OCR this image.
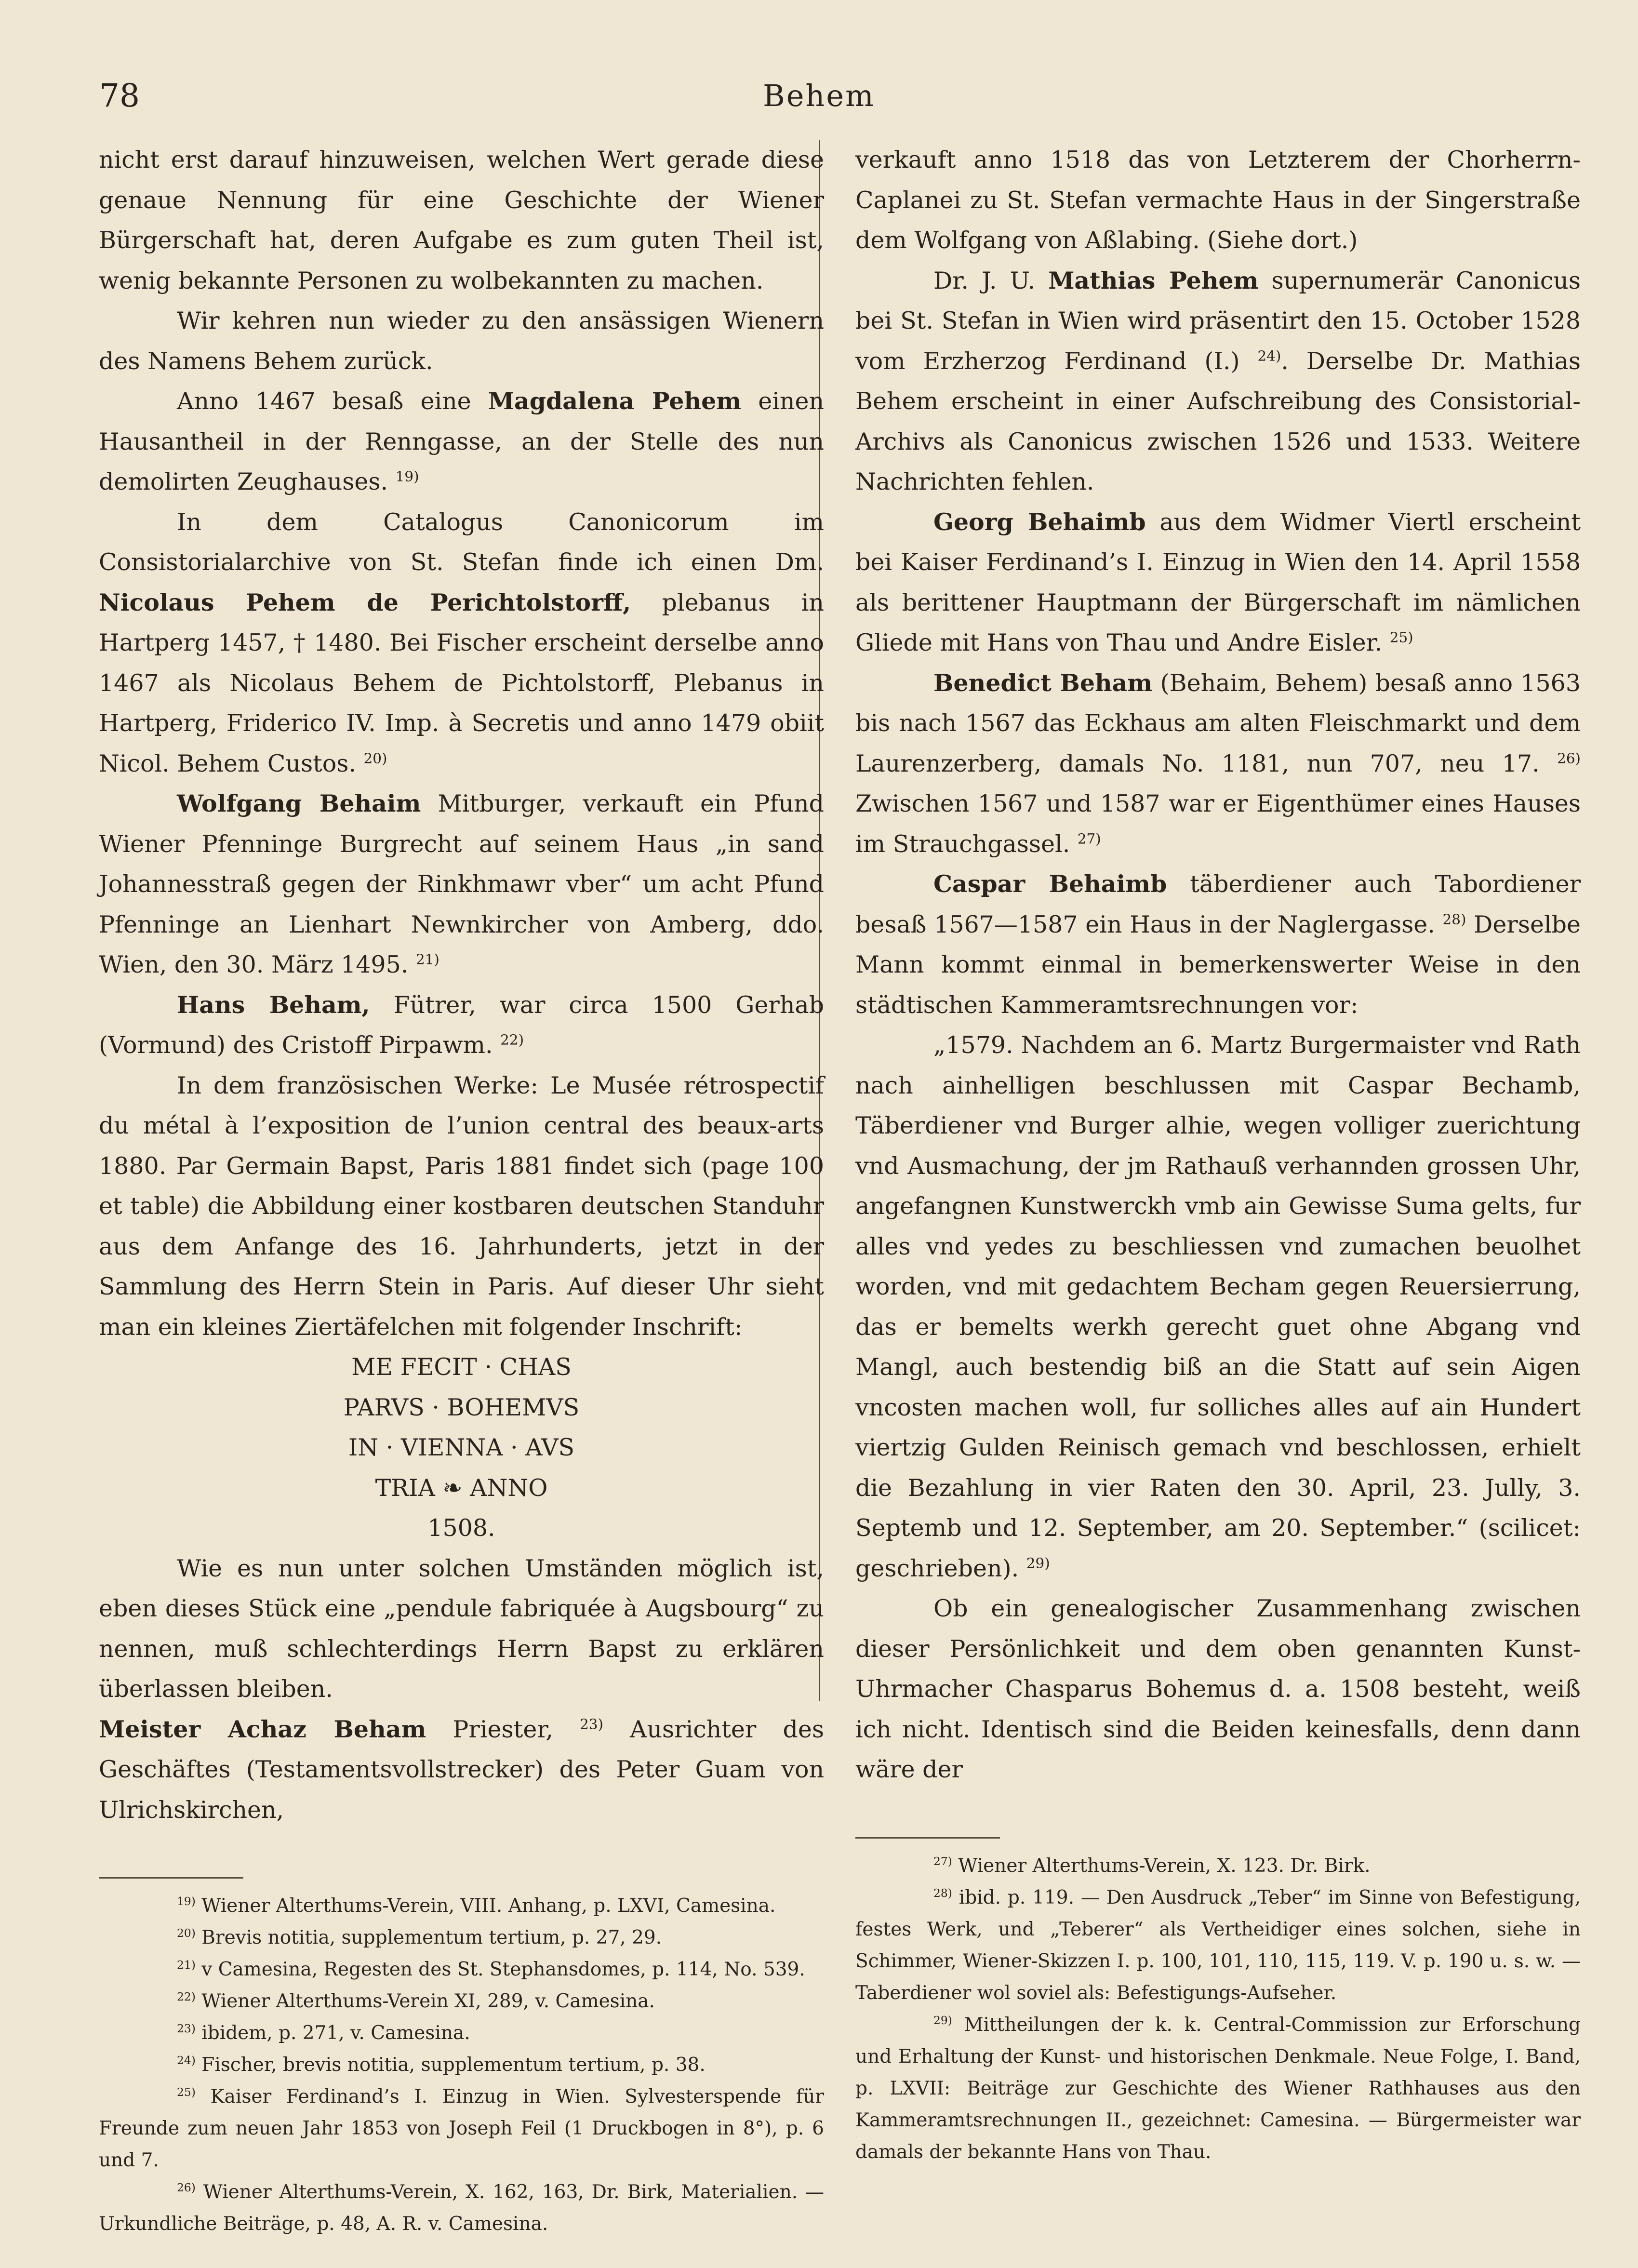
78	Behem

nicht erst darauf hinzuweisen, welchen Wert gerade diese genaue Nennung für eine Geschichte der Wiener Bürgerschaft hat, deren Aufgabe es zum guten Theil ist, wenig bekannte Personen zu wolbekannten zu machen.

Wir kehren nun wieder zu den ansässigen Wienern des Namens Behem zurück.

Anno 1467 besaß eine Magdalena Pehem einen Hausantheil in der Renngasse, an der Stelle des nun demolirten Zeughauses. $^{19)}$

In dem Catalogus Canonicorum im Consistorialarchive von St. Stefan finde ich einen Dm. Nicolaus Pehem de Perichtolstorff, plebanus in Hartperg 1457, † 1480. Bei Fischer erscheint derselbe anno 1467 als Nicolaus Behem de Pichtolstorff, Plebanus in Hartperg, Friderico IV. Imp. à Secretis und anno 1479 obiit Nicol. Behem Custos. $^{20)}$

Wolfgang Behaim Mitburger, verkauft ein Pfund Wiener Pfenninge Burgrecht auf seinem Haus „in sand Johannesstraß gegen der Rinkhmawr vber“ um acht Pfund Pfenninge an Lienhart Newnkircher von Amberg, ddo. Wien, den 30. März 1495. $^{21)}$

Hans Beham, Fütrer, war circa 1500 Gerhab (Vormund) des Cristoff Pirpawm. $^{22)}$

In dem französischen Werke: Le Musée rétrospectif du métal à l’exposition de l’union central des beaux-arts 1880. Par Germain Bapst, Paris 1881 findet sich (page 100 et table) die Abbildung einer kostbaren deutschen Standuhr aus dem Anfange des 16. Jahrhunderts, jetzt in der Sammlung des Herrn Stein in Paris. Auf dieser Uhr sieht man ein kleines Ziertäfelchen mit folgender Inschrift:

ME FECIT · CHAS

PARVS · BOHEMVS

IN · VIENNA · AVS

TRIA ❧ ANNO

1508.

Wie es nun unter solchen Umständen möglich ist, eben dieses Stück eine „pendule fabriquée à Augsbourg“ zu nennen, muß schlechterdings Herrn Bapst zu erklären überlassen bleiben.

Meister Achaz Beham Priester, $^{23)}$ Ausrichter des Geschäftes (Testamentsvollstrecker) des Peter Guam von Ulrichskirchen,

$^{19)}$ Wiener Alterthums-Verein, VIII. Anhang, p. LXVI, Camesina.

$^{20)}$ Brevis notitia, supplementum tertium, p. 27, 29.

$^{21)}$ v Camesina, Regesten des St. Stephansdomes, p. 114, No. 539.

$^{22)}$ Wiener Alterthums-Verein XI, 289, v. Camesina.

$^{23)}$ ibidem, p. 271, v. Camesina.

$^{24)}$ Fischer, brevis notitia, supplementum tertium, p. 38.

$^{25)}$ Kaiser Ferdinand’s I. Einzug in Wien. Sylvesterspende für Freunde zum neuen Jahr 1853 von Joseph Feil (1 Druckbogen in 8°), p. 6 und 7.

$^{26)}$ Wiener Alterthums-Verein, X. 162, 163, Dr. Birk, Materialien. — Urkundliche Beiträge, p. 48, A. R. v. Camesina.

verkauft anno 1518 das von Letzterem der Chorherrn-Caplanei zu St. Stefan vermachte Haus in der Singerstraße dem Wolfgang von Aßlabing. (Siehe dort.)

Dr. J. U. Mathias Pehem supernumerär Canonicus bei St. Stefan in Wien wird präsentirt den 15. October 1528 vom Erzherzog Ferdinand (I.) $^{24)}$. Derselbe Dr. Mathias Behem erscheint in einer Aufschreibung des Consistorial-Archivs als Canonicus zwischen 1526 und 1533. Weitere Nachrichten fehlen.

Georg Behaimb aus dem Widmer Viertl erscheint bei Kaiser Ferdinand’s I. Einzug in Wien den 14. April 1558 als berittener Hauptmann der Bürgerschaft im nämlichen Gliede mit Hans von Thau und Andre Eisler. $^{25)}$

Benedict Beham (Behaim, Behem) besaß anno 1563 bis nach 1567 das Eckhaus am alten Fleischmarkt und dem Laurenzerberg, damals No. 1181, nun 707, neu 17. $^{26)}$ Zwischen 1567 und 1587 war er Eigenthümer eines Hauses im Strauchgassel. $^{27)}$

Caspar Behaimb täberdiener auch Tabordiener besaß 1567—1587 ein Haus in der Naglergasse. $^{28)}$ Derselbe Mann kommt einmal in bemerkenswerter Weise in den städtischen Kammeramtsrechnungen vor:

„1579. Nachdem an 6. Martz Burgermaister vnd Rath nach ainhelligen beschlussen mit Caspar Bechamb, Täberdiener vnd Burger alhie, wegen volliger zuerichtung vnd Ausmachung, der jm Rathauß verhannden grossen Uhr, angefangnen Kunstwerckh vmb ain Gewisse Suma gelts, fur alles vnd yedes zu beschliessen vnd zumachen beuolhet worden, vnd mit gedachtem Becham gegen Reuersierrung, das er bemelts werkh gerecht guet ohne Abgang vnd Mangl, auch bestendig biß an die Statt auf sein Aigen vncosten machen woll, fur solliches alles auf ain Hundert viertzig Gulden Reinisch gemach vnd beschlossen, erhielt die Bezahlung in vier Raten den 30. April, 23. Jully, 3. Septemb und 12. September, am 20. September.“ (scilicet: geschrieben). $^{29)}$

Ob ein genealogischer Zusammenhang zwischen dieser Persönlichkeit und dem oben genannten Kunst-Uhrmacher Chasparus Bohemus d. a. 1508 besteht, weiß ich nicht. Identisch sind die Beiden keinesfalls, denn dann wäre der

$^{27)}$ Wiener Alterthums-Verein, X. 123. Dr. Birk.

$^{28)}$ ibid. p. 119. — Den Ausdruck „Teber“ im Sinne von Befestigung, festes Werk, und „Teberer“ als Vertheidiger eines solchen, siehe in Schimmer, Wiener-Skizzen I. p. 100, 101, 110, 115, 119. V. p. 190 u. s. w. — Taberdiener wol soviel als: Befestigungs-Aufseher.

$^{29)}$ Mittheilungen der k. k. Central-Commission zur Erforschung und Erhaltung der Kunst- und historischen Denkmale. Neue Folge, I. Band, p. LXVII: Beiträge zur Geschichte des Wiener Rathhauses aus den Kammeramtsrechnungen II., gezeichnet: Camesina. — Bürgermeister war damals der bekannte Hans von Thau.
